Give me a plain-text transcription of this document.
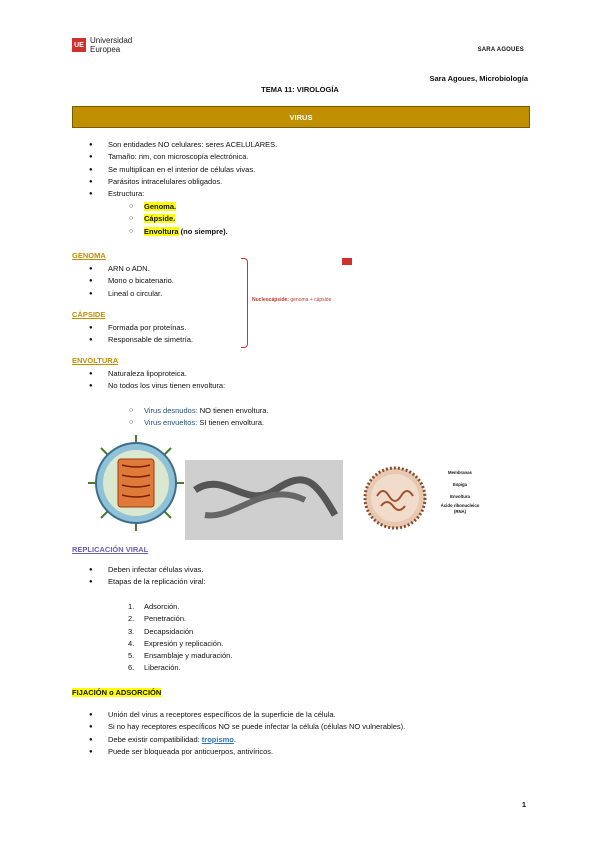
UE Universidad
Europea	SARA AGOUES
Sara Agoues, Microbiología
TEMA 11: VIROLOGÍA
VIRUS
● Son entidades NO celulares: seres ACELULARES.
● Tamaño: nm, con microscopía electrónica.
● Se multiplican en el interior de células vivas.
● Parásitos intracelulares obligados.
● Estructura:
○ Genoma.
○ Cápside.
○ Envoltura (no siempre).
GENOMA
● ARN o ADN.
● Mono o bicatenario.
● Lineal o circular.
CÁPSIDE
● Formada por proteínas.
● Responsable de simetría.
Nucleocápside: genoma + cápside
ENVOLTURA
● Naturaleza lipoproteica.
● No todos los virus tienen envoltura:
○ Virus desnudos: NO tienen envoltura.
○ Virus envueltos: SI tienen envoltura.
Membranas
Espiga
Envoltura
Ácido ribonucleico
(RNA)
REPLICACIÓN VIRAL
● Deben infectar células vivas.
● Etapas de la replicación viral:
1. Adsorción.
2. Penetración.
3. Decapsidación
4. Expresión y replicación.
5. Ensamblaje y maduración.
6. Liberación.
FIJACIÓN o ADSORCIÓN
● Unión del virus a receptores específicos de la superficie de la célula.
● Si no hay receptores específicos NO se puede infectar la célula (células NO vulnerables).
● Debe existir compatibilidad: tropismo.
● Puede ser bloqueada por anticuerpos, antivíricos.
1
